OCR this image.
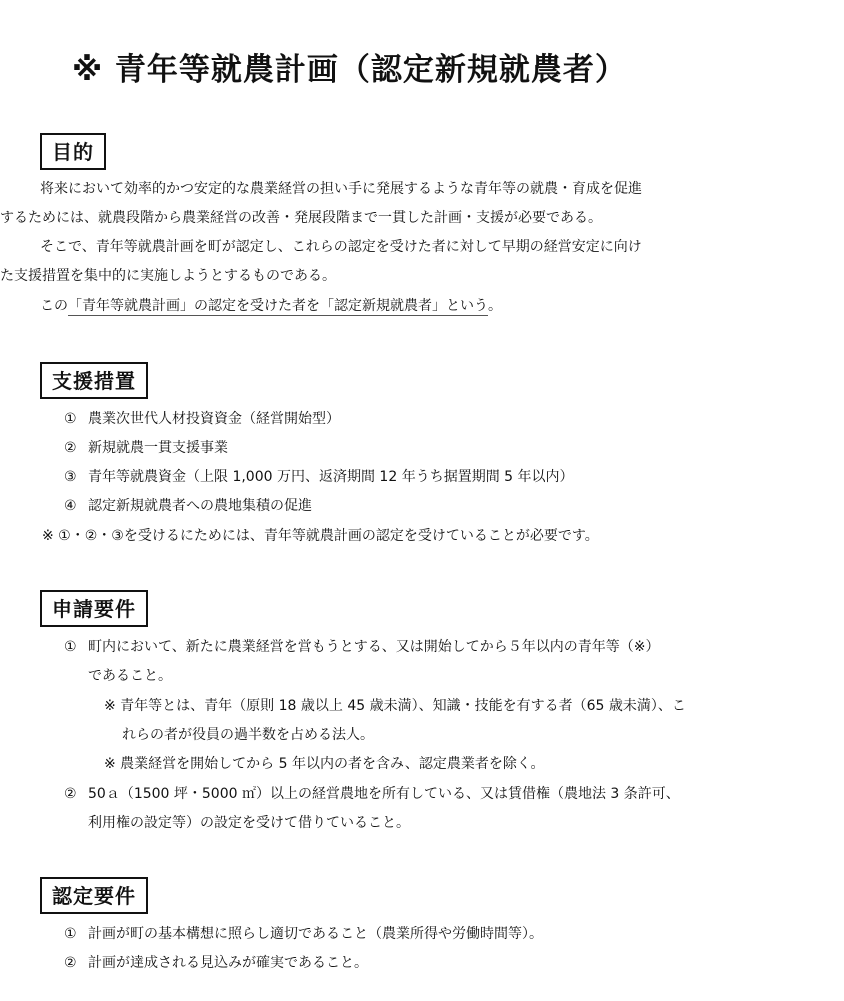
※ 青年等就農計画（認定新規就農者）
目的
将来において効率的かつ安定的な農業経営の担い手に発展するような青年等の就農・育成を促進
するためには、就農段階から農業経営の改善・発展段階まで一貫した計画・支援が必要である。
そこで、青年等就農計画を町が認定し、これらの認定を受けた者に対して早期の経営安定に向け
た支援措置を集中的に実施しようとするものである。
この「青年等就農計画」の認定を受けた者を「認定新規就農者」という。
支援措置
① 農業次世代人材投資資金（経営開始型）
② 新規就農一貫支援事業
③ 青年等就農資金（上限 1,000 万円、返済期間 12 年うち据置期間 5 年以内）
④ 認定新規就農者への農地集積の促進
※ ①・②・③を受けるにためには、青年等就農計画の認定を受けていることが必要です。
申請要件
① 町内において、新たに農業経営を営もうとする、又は開始してから５年以内の青年等（※）
であること。
※ 青年等とは、青年（原則 18 歳以上 45 歳未満）、知識・技能を有する者（65 歳未満）、こ
れらの者が役員の過半数を占める法人。
※ 農業経営を開始してから 5 年以内の者を含み、認定農業者を除く。
② 50ａ（1500 坪・5000 ㎡）以上の経営農地を所有している、又は賃借権（農地法 3 条許可、
利用権の設定等）の設定を受けて借りていること。
認定要件
① 計画が町の基本構想に照らし適切であること（農業所得や労働時間等）。
② 計画が達成される見込みが確実であること。
